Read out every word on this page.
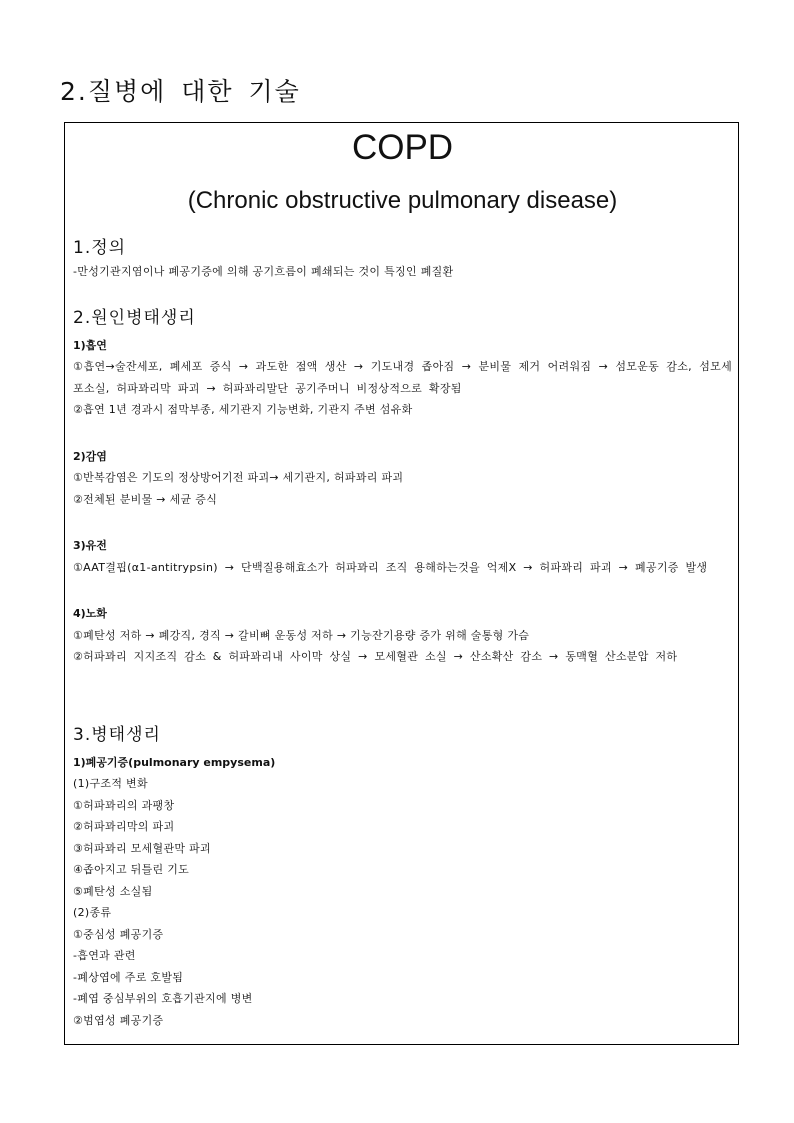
2.질병에 대한 기술
COPD
(Chronic obstructive pulmonary disease)
1.정의
-만성기관지염이나 폐공기증에 의해 공기흐름이 폐쇄되는 것이 특징인 폐질환
2.원인병태생리
1)흡연
①흡연→술잔세포, 폐세포 증식 → 과도한 점액 생산 → 기도내경 좁아짐 → 분비물 제거 어려워짐 → 섬모운동 감소, 섬모세포소실, 허파꽈리막 파괴 → 허파꽈리말단 공기주머니 비정상적으로 확장됨
②흡연 1년 경과시 점막부종, 세기관지 기능변화, 기관지 주변 섬유화
2)감염
①반복감염은 기도의 정상방어기전 파괴→ 세기관지, 허파꽈리 파괴
②전체된 분비물 → 세균 증식
3)유전
①AAT결핍(α1-antitrypsin) → 단백질용해효소가 허파꽈리 조직 용해하는것을 억제X → 허파꽈리 파괴 → 폐공기증 발생
4)노화
①폐탄성 저하 → 폐강직, 경직 → 갈비뼈 운동성 저하 → 기능잔기용량 증가 위해 술통형 가슴
②허파꽈리 지지조직 감소 & 허파꽈리내 사이막 상실 → 모세혈관 소실 → 산소확산 감소 → 동맥혈 산소분압 저하
3.병태생리
1)폐공기증(pulmonary empysema)
(1)구조적 변화
①허파꽈리의 과팽창
②허파꽈리막의 파괴
③허파꽈리 모세혈관막 파괴
④좁아지고 뒤틀린 기도
⑤폐탄성 소실됨
(2)종류
①중심성 폐공기증
-흡연과 관련
-폐상엽에 주로 호발됨
-폐엽 중심부위의 호흡기관지에 병변
②범엽성 폐공기증
